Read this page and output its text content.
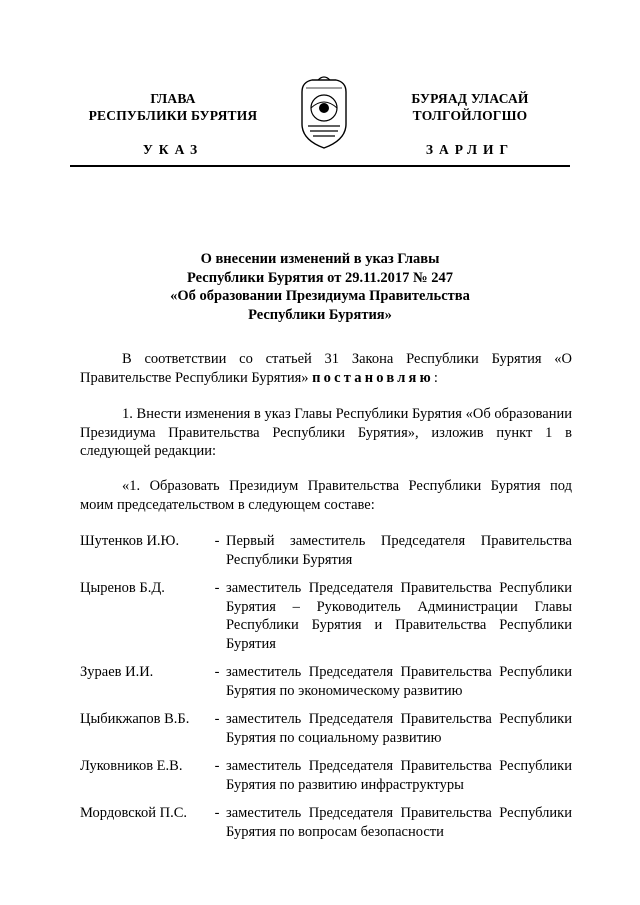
ГЛАВА
РЕСПУБЛИКИ БУРЯТИЯ
БУРЯАД УЛАСАЙ
ТОЛГОЙЛОГШО
УКАЗ	ЗАРЛИГ
О внесении изменений в указ Главы
Республики Бурятия от 29.11.2017 № 247
«Об образовании Президиума Правительства
Республики Бурятия»
В соответствии со статьей 31 Закона Республики Бурятия «О Правительстве Республики Бурятия» постановляю:
1. Внести изменения в указ Главы Республики Бурятия «Об образовании Президиума Правительства Республики Бурятия», изложив пункт 1 в следующей редакции:
«1. Образовать Президиум Правительства Республики Бурятия под моим председательством в следующем составе:
Шутенков И.Ю.	- Первый заместитель Председателя Правительства Республики Бурятия
Цыренов Б.Д.	- заместитель Председателя Правительства Республики Бурятия – Руководитель Администрации Главы Республики Бурятия и Правительства Республики Бурятия
Зураев И.И.	- заместитель Председателя Правительства Республики Бурятия по экономическому развитию
Цыбикжапов В.Б.	- заместитель Председателя Правительства Республики Бурятия по социальному развитию
Луковников Е.В.	- заместитель Председателя Правительства Республики Бурятия по развитию инфраструктуры
Мордовской П.С.	- заместитель Председателя Правительства Республики Бурятия по вопросам безопасности
